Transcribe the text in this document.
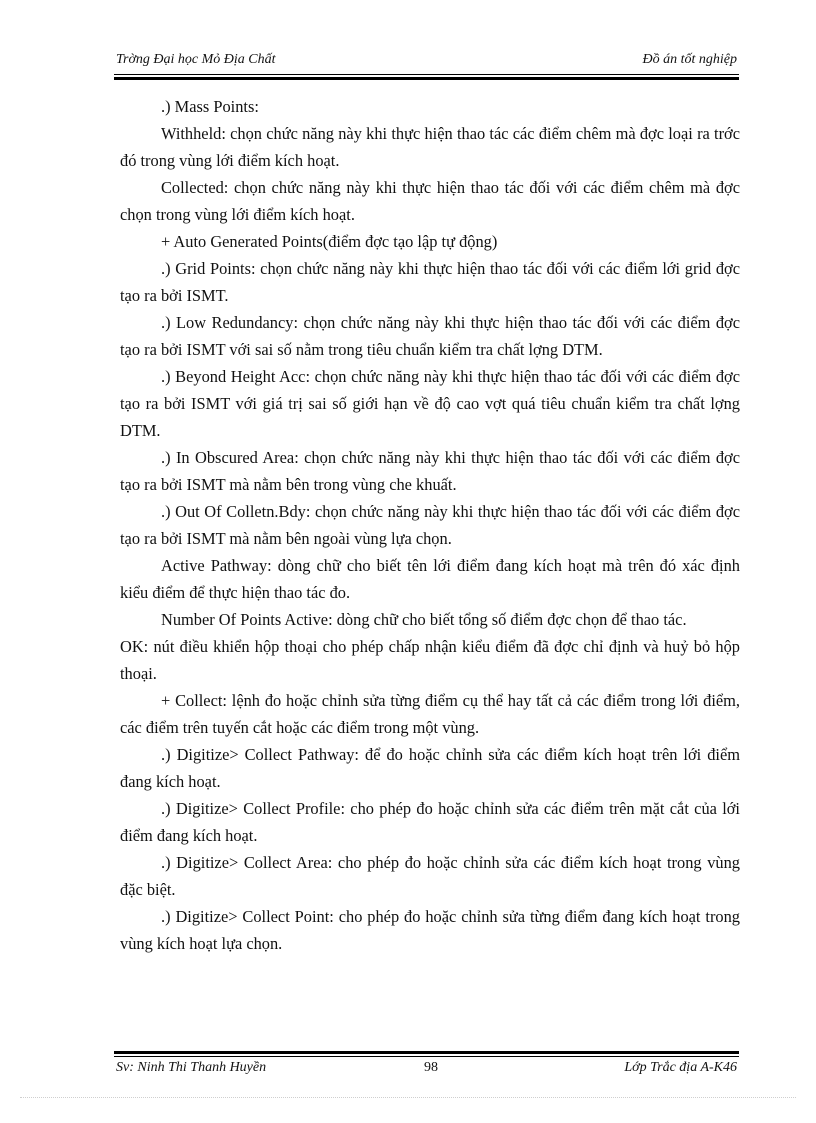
Trờng Đại học Mỏ Địa Chất	Đồ án tốt nghiệp

.) Mass Points:

Withheld: chọn chức năng này khi thực hiện thao tác các điểm chêm mà đợc loại ra trớc đó trong vùng lới điểm kích hoạt.

Collected: chọn chức năng này khi thực hiện thao tác đối với các điểm chêm mà đợc chọn trong vùng lới điểm kích hoạt.

+ Auto Generated Points(điểm đợc tạo lập tự động)

.) Grid Points: chọn chức năng này khi thực hiện thao tác đối với các điểm lới grid đợc tạo ra bởi ISMT.

.) Low Redundancy: chọn chức năng này khi thực hiện thao tác đối với các điểm đợc tạo ra bởi ISMT với sai số nằm trong tiêu chuẩn kiểm tra chất lợng DTM.

.) Beyond Height Acc: chọn chức năng này khi thực hiện thao tác đối với các điểm đợc tạo ra bởi ISMT với giá trị sai số giới hạn về độ cao vợt quá tiêu chuẩn kiểm tra chất lợng DTM.

.) In Obscured Area: chọn chức năng này khi thực hiện thao tác đối với các điểm đợc tạo ra bởi ISMT mà nằm bên trong vùng che khuất.

.) Out Of Colletn.Bdy: chọn chức năng này khi thực hiện thao tác đối với các điểm đợc tạo ra bởi ISMT mà nằm bên ngoài vùng lựa chọn.

Active Pathway: dòng chữ cho biết tên lới điểm đang kích hoạt mà trên đó xác định kiểu điểm để thực hiện thao tác đo.

Number Of Points Active: dòng chữ cho biết tổng số điểm đợc chọn để thao tác.

OK: nút điều khiển hộp thoại cho phép chấp nhận kiểu điểm đã đợc chỉ định và huỷ bỏ hộp thoại.

+ Collect: lệnh đo hoặc chỉnh sửa từng điểm cụ thể hay tất cả các điểm trong lới điểm, các điểm trên tuyến cắt hoặc các điểm trong một vùng.

.) Digitize> Collect Pathway: để đo hoặc chỉnh sửa các điểm kích hoạt trên lới điểm đang kích hoạt.

.) Digitize> Collect Profile: cho phép đo hoặc chỉnh sửa các điểm trên mặt cắt của lới điểm đang kích hoạt.

.) Digitize> Collect Area: cho phép đo hoặc chỉnh sửa các điểm kích hoạt trong vùng đặc biệt.

.) Digitize> Collect Point: cho phép đo hoặc chỉnh sửa từng điểm đang kích hoạt trong vùng kích hoạt lựa chọn.

Sv: Ninh Thi Thanh Huyền	98	Lớp Trắc địa A-K46
